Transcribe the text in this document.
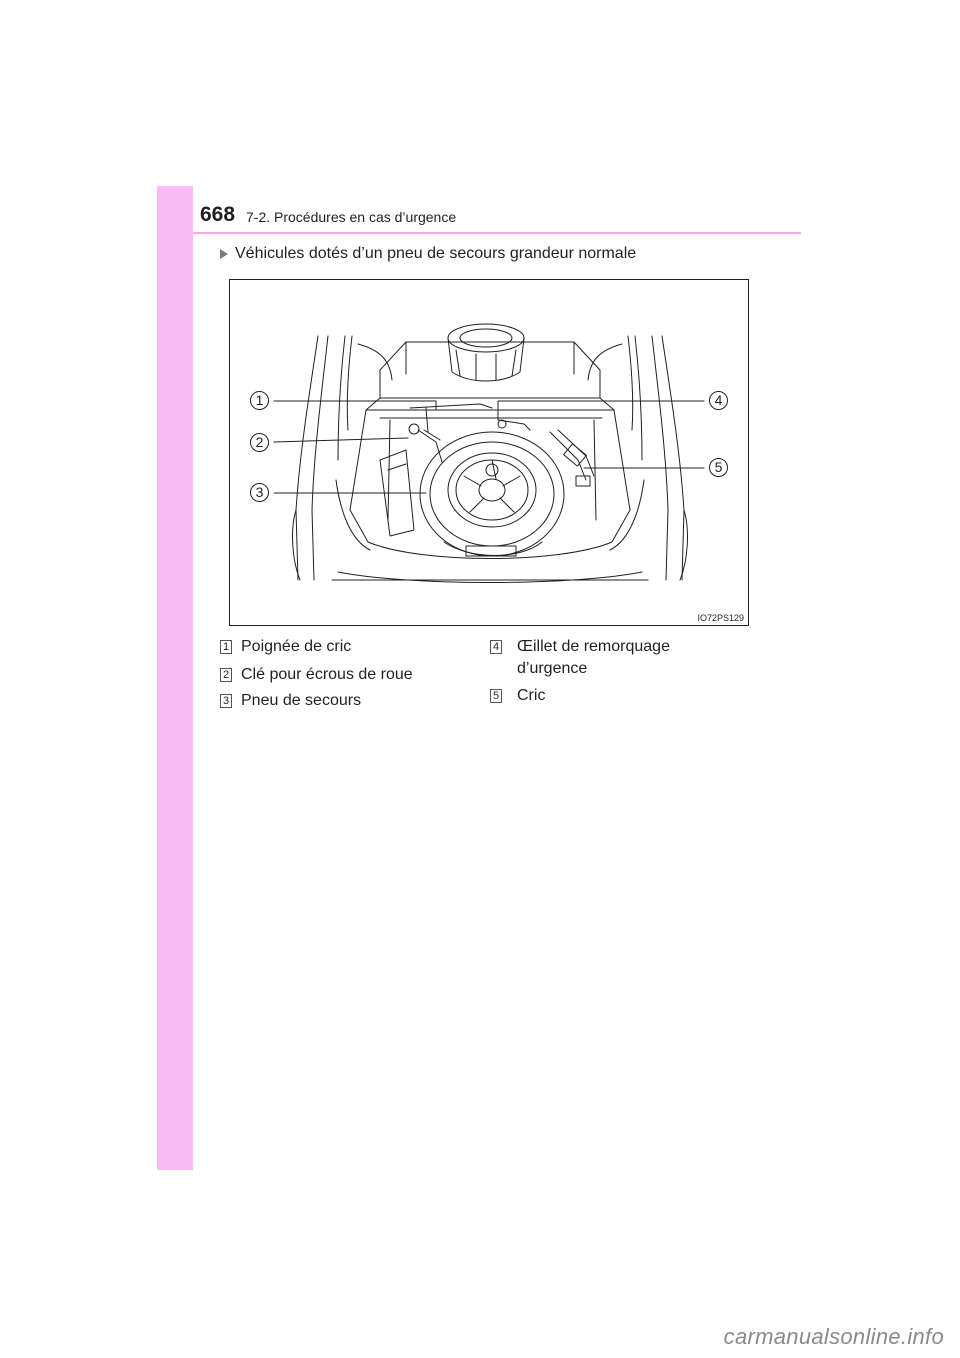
668 7-2. Procédures en cas d’urgence
Véhicules dotés d’un pneu de secours grandeur normale
1
2
3
4
5
IO72PS129
1 Poignée de cric
2 Clé pour écrous de roue
3 Pneu de secours
4 Œillet de remorquage
d’urgence
5 Cric
carmanualsonline.info
